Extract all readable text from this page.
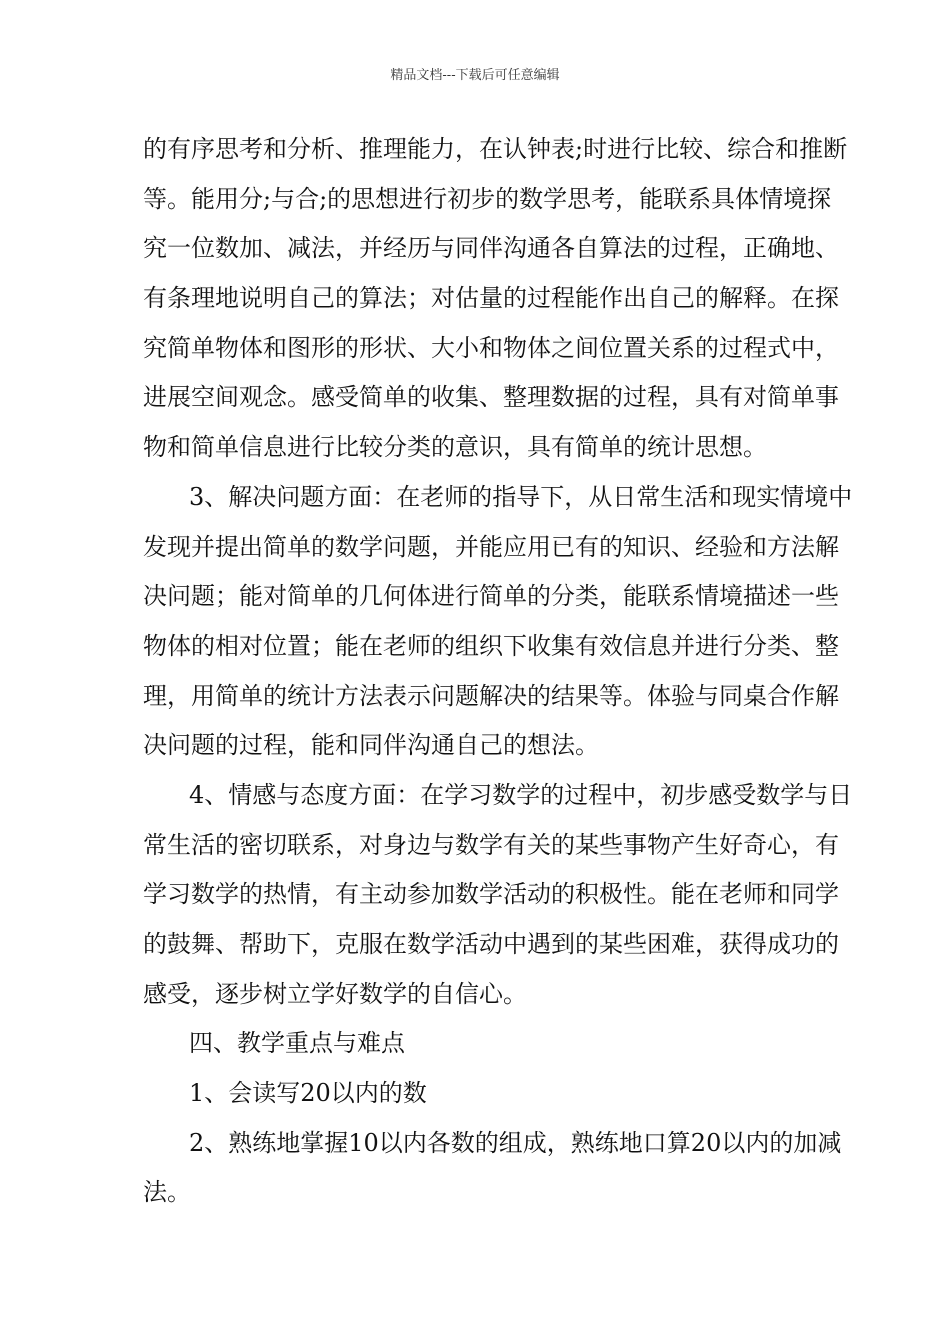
精品文档---下载后可任意编辑
的有序思考和分析、推理能力，在认钟表;时进行比较、综合和推断
等。能用分;与合;的思想进行初步的数学思考，能联系具体情境探
究一位数加、减法，并经历与同伴沟通各自算法的过程，正确地、
有条理地说明自己的算法；对估量的过程能作出自己的解释。在探
究简单物体和图形的形状、大小和物体之间位置关系的过程式中，
进展空间观念。感受简单的收集、整理数据的过程，具有对简单事
物和简单信息进行比较分类的意识，具有简单的统计思想。
3、解决问题方面：在老师的指导下，从日常生活和现实情境中
发现并提出简单的数学问题，并能应用已有的知识、经验和方法解
决问题；能对简单的几何体进行简单的分类，能联系情境描述一些
物体的相对位置；能在老师的组织下收集有效信息并进行分类、整
理，用简单的统计方法表示问题解决的结果等。体验与同桌合作解
决问题的过程，能和同伴沟通自己的想法。
4、情感与态度方面：在学习数学的过程中，初步感受数学与日
常生活的密切联系，对身边与数学有关的某些事物产生好奇心，有
学习数学的热情，有主动参加数学活动的积极性。能在老师和同学
的鼓舞、帮助下，克服在数学活动中遇到的某些困难，获得成功的
感受，逐步树立学好数学的自信心。
四、教学重点与难点
1、会读写20以内的数
2、熟练地掌握10以内各数的组成，熟练地口算20以内的加减
法。
